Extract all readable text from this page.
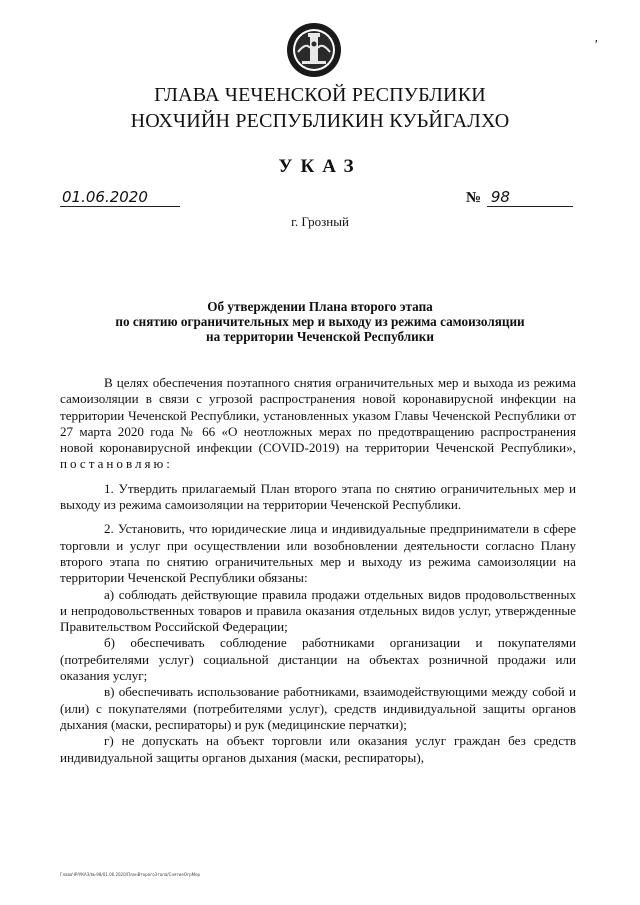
'
ГЛАВА ЧЕЧЕНСКОЙ РЕСПУБЛИКИ
НОХЧИЙН РЕСПУБЛИКИН КУЬЙГАЛХО
УКАЗ
01.06.2020	№ 98
г. Грозный
Об утверждении Плана второго этапа
по снятию ограничительных мер и выходу из режима самоизоляции
на территории Чеченской Республики

В целях обеспечения поэтапного снятия ограничительных мер и выхода из режима самоизоляции в связи с угрозой распространения новой коронавирусной инфекции на территории Чеченской Республики, установленных указом Главы Чеченской Республики от 27 марта 2020 года № 66 «О неотложных мерах по предотвращению распространения новой коронавирусной инфекции (COVID-2019) на территории Чеченской Республики», постановляю:

1. Утвердить прилагаемый План второго этапа по снятию ограничительных мер и выходу из режима самоизоляции на территории Чеченской Республики.

2. Установить, что юридические лица и индивидуальные предприниматели в сфере торговли и услуг при осуществлении или возобновлении деятельности согласно Плану второго этапа по снятию ограничительных мер и выходу из режима самоизоляции на территории Чеченской Республики обязаны:

а) соблюдать действующие правила продажи отдельных видов продовольственных и непродовольственных товаров и правила оказания отдельных видов услуг, утвержденные Правительством Российской Федерации;

б) обеспечивать соблюдение работниками организации и покупателями (потребителями услуг) социальной дистанции на объектах розничной продажи или оказания услуг;

в) обеспечивать использование работниками, взаимодействующими между собой и (или) с покупателями (потребителями услуг), средств индивидуальной защиты органов дыхания (маски, респираторы) и рук (медицинские перчатки);

г) не допускать на объект торговли или оказания услуг граждан без средств индивидуальной защиты органов дыхания (маски, респираторы),

ГлаваЧР/УКАЗ/№-98/01.06.2020/ПланВторогоЭтапа/СнятиеОгрМер
